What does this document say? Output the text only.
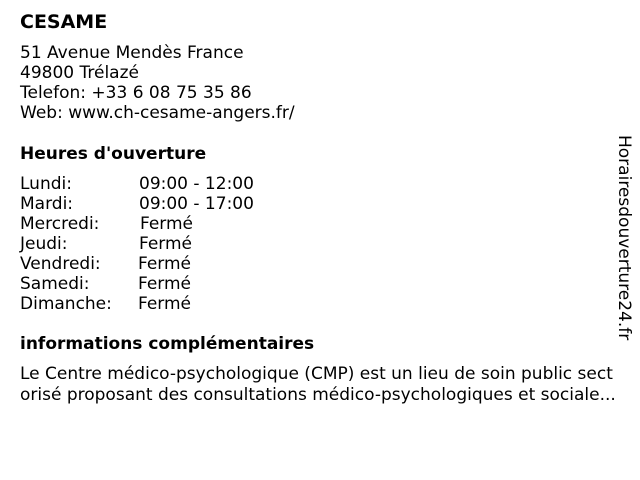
CESAME
51 Avenue Mendès France
49800 Trélazé
Telefon: +33 6 08 75 35 86
Web: www.ch-cesame-angers.fr/
Heures d'ouverture
Lundi:	09:00 - 12:00
Mardi:	09:00 - 17:00
Mercredi: Fermé
Jeudi:	Fermé
Vendredi: Fermé
Samedi:	Fermé
Dimanche: Fermé
informations complémentaires
Le Centre médico-psychologique (CMP) est un lieu de soin public sect
orisé proposant des consultations médico-psychologiques et sociale...
Horairesdouverture24.fr
